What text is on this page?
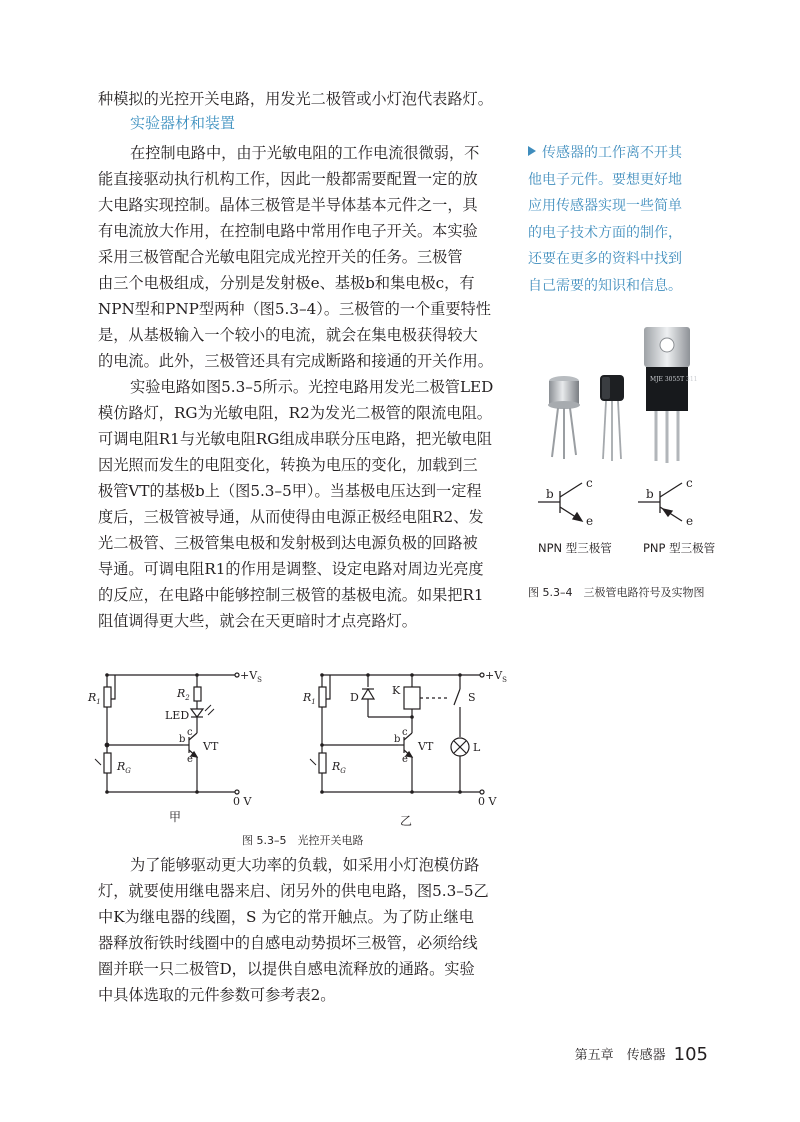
种模拟的光控开关电路，用发光二极管或小灯泡代表路灯。

实验器材和装置

在控制电路中，由于光敏电阻的工作电流很微弱，不
能直接驱动执行机构工作，因此一般都需要配置一定的放
大电路实现控制。晶体三极管是半导体基本元件之一，具
有电流放大作用，在控制电路中常用作电子开关。本实验
采用三极管配合光敏电阻完成光控开关的任务。三极管
由三个电极组成，分别是发射极e、基极b和集电极c，有
NPN型和PNP型两种（图5.3–4）。三极管的一个重要特性
是，从基极输入一个较小的电流，就会在集电极获得较大
的电流。此外，三极管还具有完成断路和接通的开关作用。

实验电路如图5.3–5所示。光控电路用发光二极管LED
模仿路灯，RG为光敏电阻，R2为发光二极管的限流电阻。
可调电阻R1与光敏电阻RG组成串联分压电路，把光敏电阻
因光照而发生的电阻变化，转换为电压的变化，加载到三
极管VT的基极b上（图5.3–5甲）。当基极电压达到一定程
度后，三极管被导通，从而使得由电源正极经电阻R2、发
光二极管、三极管集电极和发射极到达电源负极的回路被
导通。可调电阻R1的作用是调整、设定电路对周边光亮度
的反应，在电路中能够控制三极管的基极电流。如果把R1
阻值调得更大些，就会在天更暗时才点亮路灯。

为了能够驱动更大功率的负载，如采用小灯泡模仿路
灯，就要使用继电器来启、闭另外的供电电路，图5.3–5乙
中K为继电器的线圈，S 为它的常开触点。为了防止继电
器释放衔铁时线圈中的自感电动势损坏三极管，必须给线
圈并联一只二极管D，以提供自感电流释放的通路。实验
中具体选取的元件参数可参考表2。

传感器的工作离不开其
他电子元件。要想更好地
应用传感器实现一些简单
的电子技术方面的制作，
还要在更多的资料中找到
自己需要的知识和信息。
MJE 3055T 311
b
c
e
b
c
e
NPN 型三极管	PNP 型三极管
图 5.3–4　三极管电路符号及实物图
$+V_S$
$R_1$
$R_2$
LED
$R_G$
b
c
e
VT
0 V
甲
$+V_S$
$R_1$	D
K
S
L
$R_G$
b
c
e
VT
0 V
乙
图 5.3–5　光控开关电路
第五章　传感器 105
